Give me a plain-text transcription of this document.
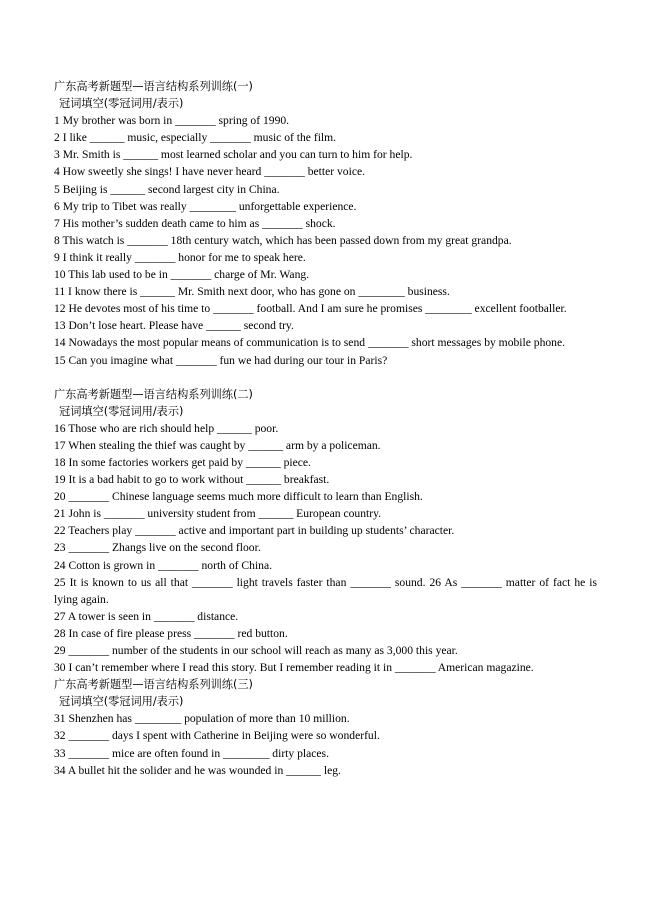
广东高考新题型—语言结构系列训练(一)

冠词填空(零冠词用/表示)

1 My brother was born in _______ spring of 1990.

2 I like ______ music, especially _______ music of the film.

3 Mr. Smith is ______ most learned scholar and you can turn to him for help.

4 How sweetly she sings! I have never heard _______ better voice.

5 Beijing is ______ second largest city in China.

6 My trip to Tibet was really ________ unforgettable experience.

7 His mother’s sudden death came to him as _______ shock.

8 This watch is _______ 18th century watch, which has been passed down from my great grandpa.

9 I think it really _______ honor for me to speak here.

10 This lab used to be in _______ charge of Mr. Wang.

11 I know there is ______ Mr. Smith next door, who has gone on ________ business.

12 He devotes most of his time to _______ football. And I am sure he promises ________ excellent footballer.

13 Don’t lose heart. Please have ______ second try.

14 Nowadays the most popular means of communication is to send _______ short messages by mobile phone.

15 Can you imagine what _______ fun we had during our tour in Paris?

广东高考新题型—语言结构系列训练(二)

冠词填空(零冠词用/表示)

16 Those who are rich should help ______ poor.

17 When stealing the thief was caught by ______ arm by a policeman.

18 In some factories workers get paid by ______ piece.

19 It is a bad habit to go to work without ______ breakfast.

20 _______ Chinese language seems much more difficult to learn than English.

21 John is _______ university student from ______ European country.

22 Teachers play _______ active and important part in building up students’ character.

23 _______ Zhangs live on the second floor.

24 Cotton is grown in _______ north of China.

25 It is known to us all that _______ light travels faster than _______ sound. 26 As _______ matter of fact he is lying again.

27 A tower is seen in _______ distance.

28 In case of fire please press _______ red button.

29 _______ number of the students in our school will reach as many as 3,000 this year.

30 I can’t remember where I read this story. But I remember reading it in _______ American magazine.

广东高考新题型—语言结构系列训练(三)

冠词填空(零冠词用/表示)

31 Shenzhen has ________ population of more than 10 million.

32 _______ days I spent with Catherine in Beijing were so wonderful.

33 _______ mice are often found in ________ dirty places.

34 A bullet hit the solider and he was wounded in ______ leg.
